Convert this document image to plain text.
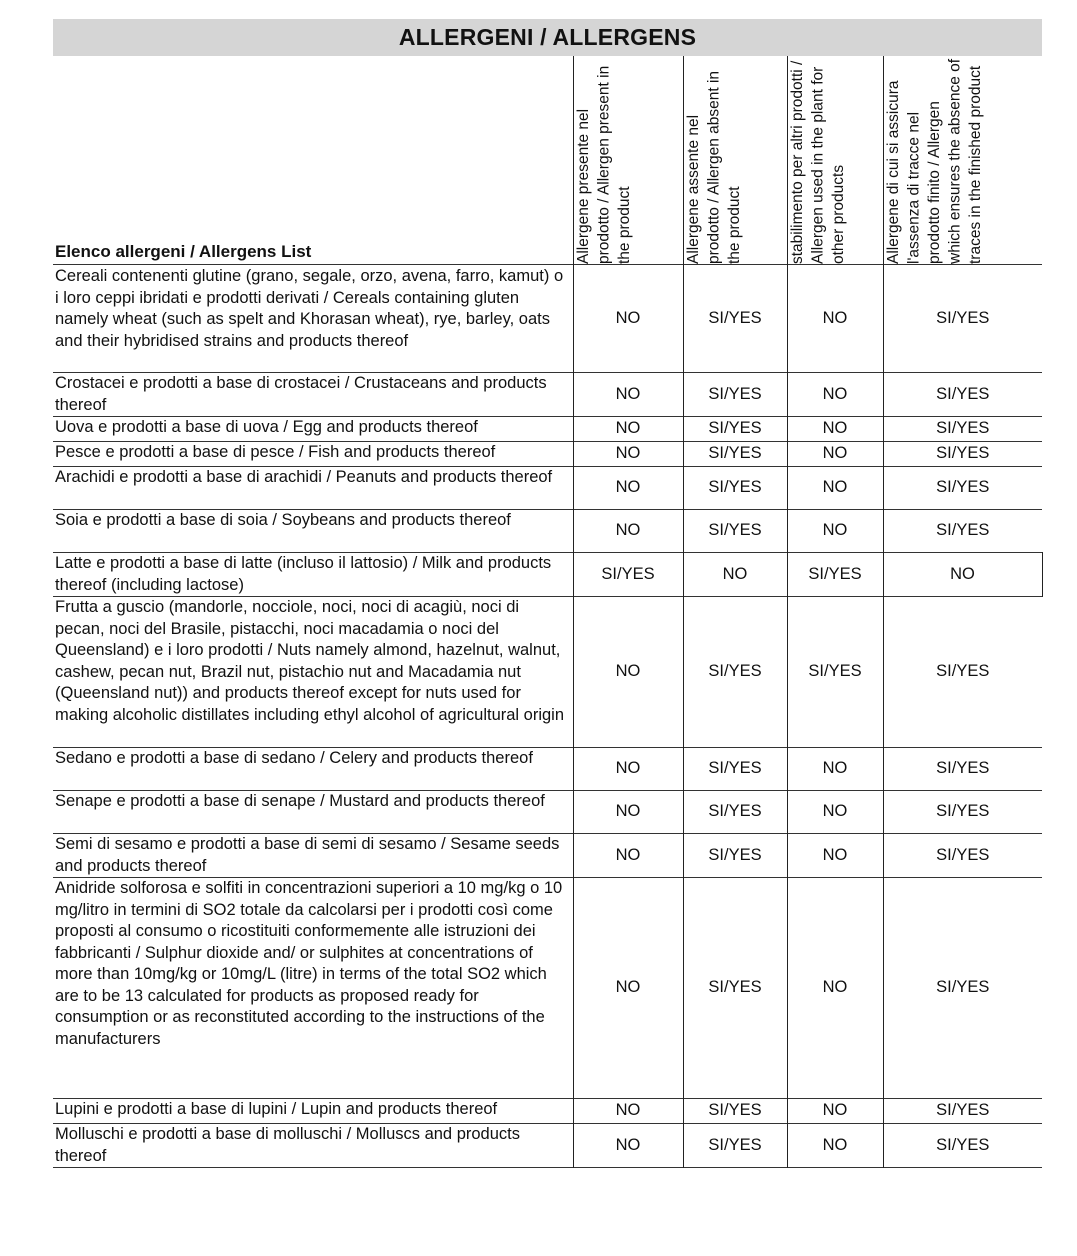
ALLERGENI / ALLERGENS
Elenco allergeni / Allergens List	Allergene presente nel prodotto / Allergen present in the product	Allergene assente nel prodotto / Allergen absent in the product	stabilimento per altri prodotti / Allergen used in the plant for other products	Allergene di cui si assicura l'assenza di tracce nel prodotto finito / Allergen which ensures the absence of traces in the finished product

Cereali contenenti glutine (grano, segale, orzo, avena, farro, kamut) o i loro ceppi ibridati e prodotti derivati / Cereals containing gluten namely wheat (such as spelt and Khorasan wheat), rye, barley, oats and their hybridised strains and products thereof	NO	SI/YES	NO	SI/YES
Crostacei e prodotti a base di crostacei / Crustaceans and products thereof	NO	SI/YES	NO	SI/YES
Uova e prodotti a base di uova / Egg and products thereof	NO	SI/YES	NO	SI/YES
Pesce e prodotti a base di pesce / Fish and products thereof	NO	SI/YES	NO	SI/YES
Arachidi e prodotti a base di arachidi / Peanuts and products thereof	NO	SI/YES	NO	SI/YES
Soia e prodotti a base di soia / Soybeans and products thereof	NO	SI/YES	NO	SI/YES
Latte e prodotti a base di latte (incluso il lattosio) / Milk and products thereof (including lactose)	SI/YES	NO	SI/YES	NO
Frutta a guscio (mandorle, nocciole, noci, noci di acagiù, noci di pecan, noci del Brasile, pistacchi, noci macadamia o noci del Queensland) e i loro prodotti / Nuts namely almond, hazelnut, walnut, cashew, pecan nut, Brazil nut, pistachio nut and Macadamia nut (Queensland nut)) and products thereof except for nuts used for making alcoholic distillates including ethyl alcohol of agricultural origin	NO	SI/YES	SI/YES	SI/YES
Sedano e prodotti a base di sedano / Celery and products thereof	NO	SI/YES	NO	SI/YES
Senape e prodotti a base di senape / Mustard and products thereof	NO	SI/YES	NO	SI/YES
Semi di sesamo e prodotti a base di semi di sesamo / Sesame seeds and products thereof	NO	SI/YES	NO	SI/YES
Anidride solforosa e solfiti in concentrazioni superiori a 10 mg/kg o 10 mg/litro in termini di SO2 totale da calcolarsi per i prodotti così come proposti al consumo o ricostituiti conformemente alle istruzioni dei fabbricanti / Sulphur dioxide and/ or sulphites at concentrations of more than 10mg/kg or 10mg/L (litre) in terms of the total SO2 which are to be 13 calculated for products as proposed ready for consumption or as reconstituted according to the instructions of the manufacturers	NO	SI/YES	NO	SI/YES
Lupini e prodotti a base di lupini / Lupin and products thereof	NO	SI/YES	NO	SI/YES
Molluschi e prodotti a base di molluschi / Molluscs and products thereof	NO	SI/YES	NO	SI/YES
